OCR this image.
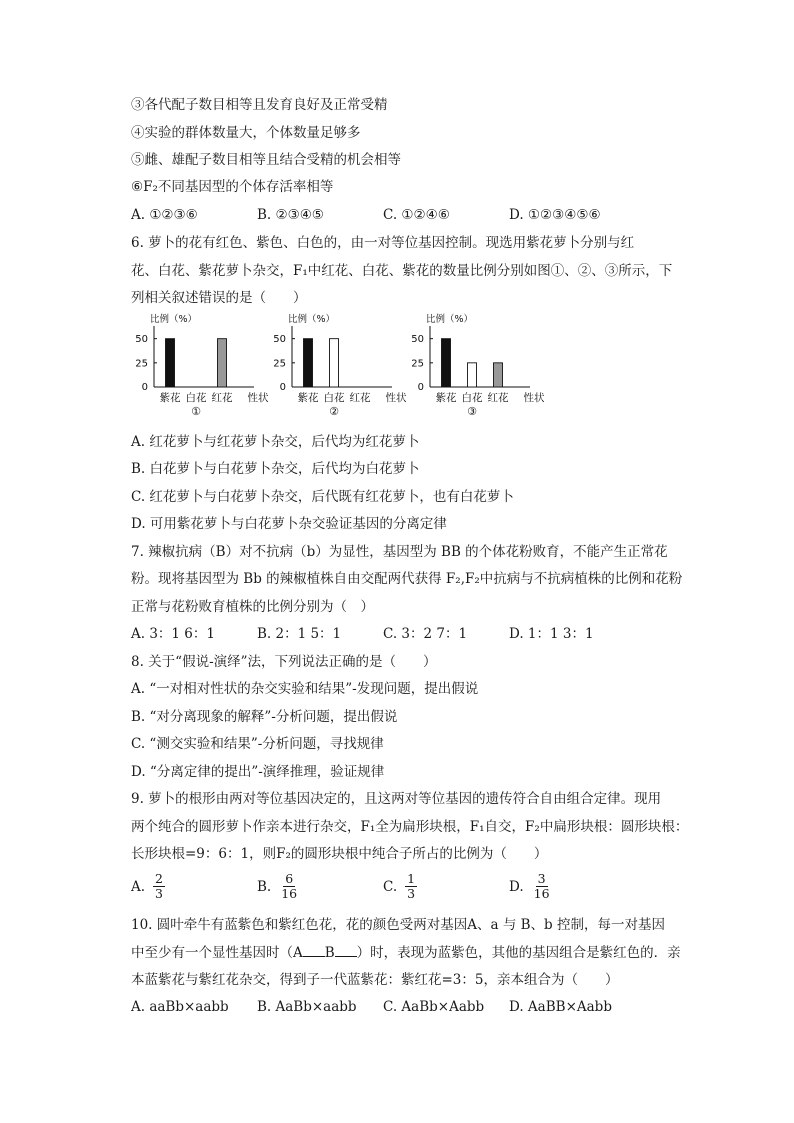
③各代配子数目相等且发育良好及正常受精
④实验的群体数量大，个体数量足够多
⑤雌、雄配子数目相等且结合受精的机会相等
⑥F₂不同基因型的个体存活率相等
A. ①②③⑥	B. ②③④⑤	C. ①②④⑥	D. ①②③④⑤⑥
6. 萝卜的花有红色、紫色、白色的，由一对等位基因控制。现选用紫花萝卜分别与红
花、白花、紫花萝卜杂交，F₁中红花、白花、紫花的数量比例分别如图①、②、③所示，下
列相关叙述错误的是（　　）
比例（%）
25
50
0
紫花 白花 红花 性状
①
比例（%）
25
50
0
紫花 白花 红花 性状
②
比例（%）
25
50
0
紫花 白花 红花 性状
③
A. 红花萝卜与红花萝卜杂交，后代均为红花萝卜
B. 白花萝卜与白花萝卜杂交，后代均为白花萝卜
C. 红花萝卜与白花萝卜杂交，后代既有红花萝卜，也有白花萝卜
D. 可用紫花萝卜与白花萝卜杂交验证基因的分离定律
7. 辣椒抗病（B）对不抗病（b）为显性，基因型为 BB 的个体花粉败育，不能产生正常花
粉。现将基因型为 Bb 的辣椒植株自由交配两代获得 F₂,F₂中抗病与不抗病植株的比例和花粉
正常与花粉败育植株的比例分别为（　）
A. 3：1 6：1	B. 2：1 5：1	C. 3：2 7：1	D. 1：1 3：1
8. 关于“假说-演绎”法，下列说法正确的是（　　）
A. “一对相对性状的杂交实验和结果”-发现问题，提出假说
B. “对分离现象的解释”-分析问题，提出假说
C. “测交实验和结果”-分析问题，寻找规律
D. “分离定律的提出”-演绎推理，验证规律
9. 萝卜的根形由两对等位基因决定的，且这两对等位基因的遗传符合自由组合定律。现用
两个纯合的圆形萝卜作亲本进行杂交，F₁全为扁形块根，F₁自交，F₂中扁形块根：圆形块根：
长形块根=9：6：1，则F₂的圆形块根中纯合子所占的比例为（　　）
A. $\frac{2}{3}$	B. $\frac{6}{16}$	C. $\frac{1}{3}$	D. $\frac{3}{16}$
10. 圆叶牵牛有蓝紫色和紫红色花，花的颜色受两对基因A、a 与 B、b 控制，每一对基因
中至少有一个显性基因时（A B ）时，表现为蓝紫色，其他的基因组合是紫红色的．亲
本蓝紫花与紫红花杂交，得到子一代蓝紫花：紫红花=3：5，亲本组合为（　　）
A. aaBb×aabb B. AaBb×aabb C. AaBb×Aabb D. AaBB×Aabb
